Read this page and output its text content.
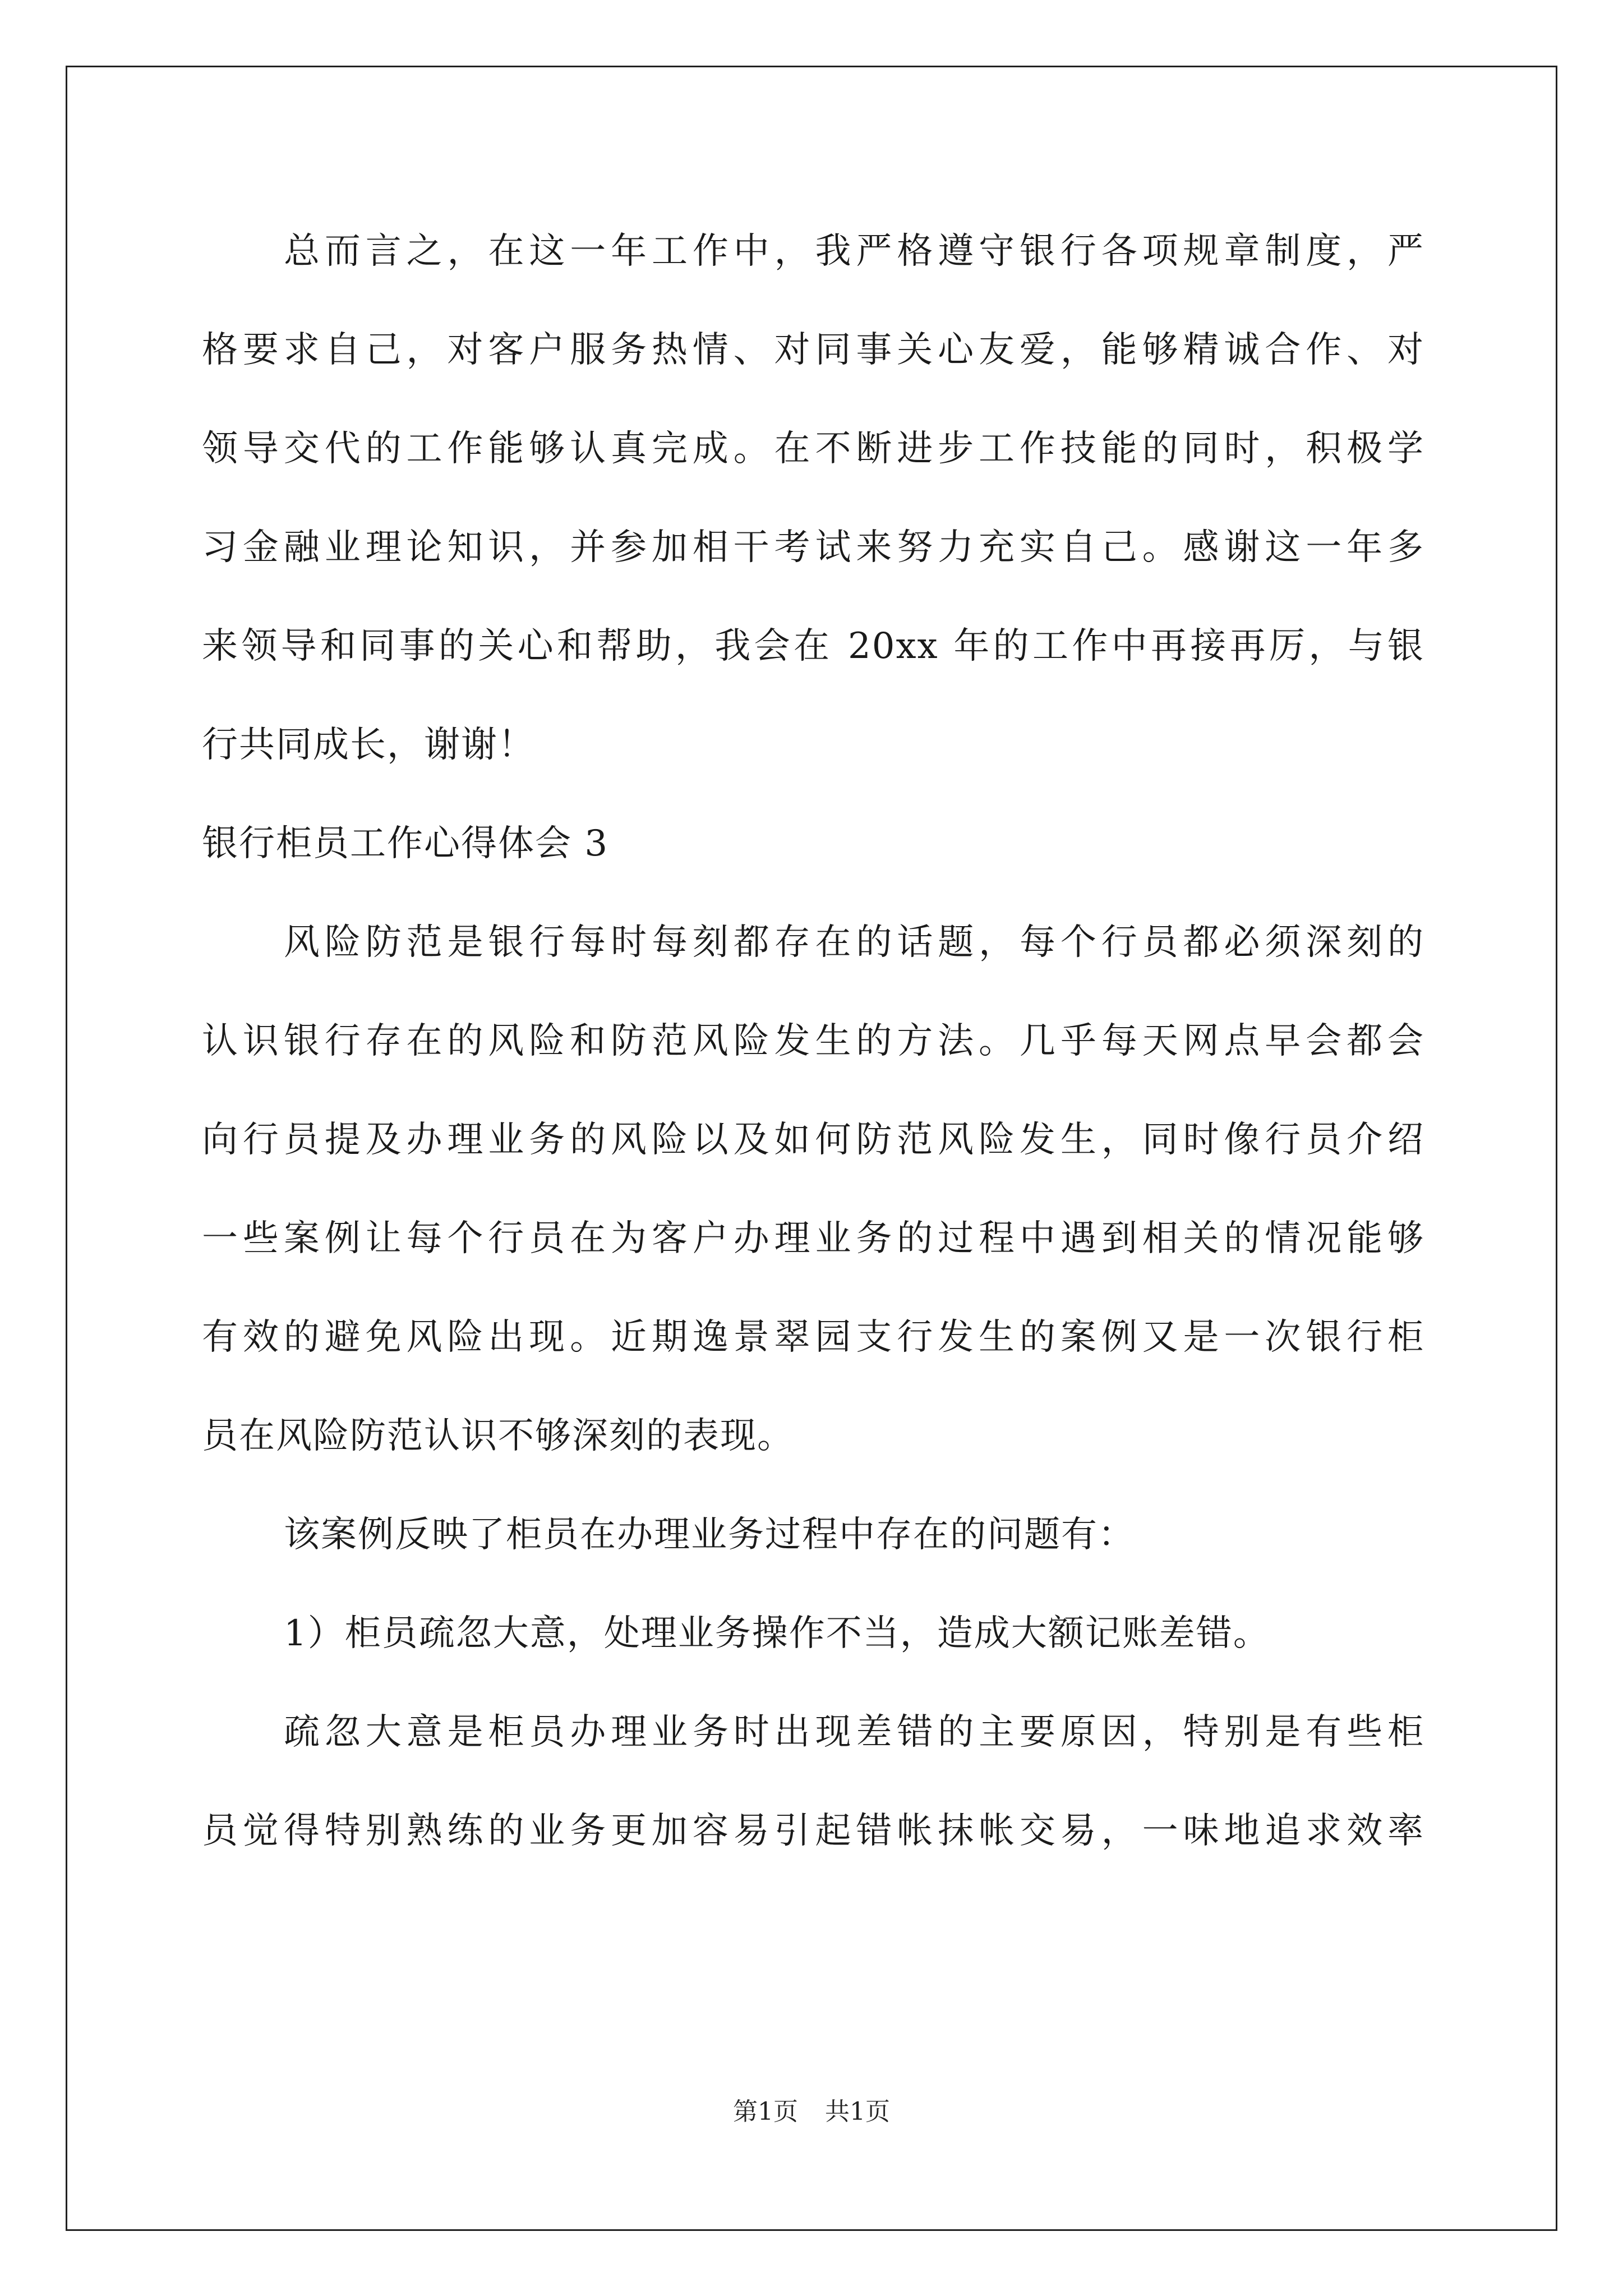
总而言之，在这一年工作中，我严格遵守银行各项规章制度，严
格要求自己，对客户服务热情、对同事关心友爱，能够精诚合作、对
领导交代的工作能够认真完成。在不断进步工作技能的同时，积极学
习金融业理论知识，并参加相干考试来努力充实自己。感谢这一年多
来领导和同事的关心和帮助，我会在 20xx 年的工作中再接再厉，与银
行共同成长，谢谢！
银行柜员工作心得体会 3
风险防范是银行每时每刻都存在的话题，每个行员都必须深刻的
认识银行存在的风险和防范风险发生的方法。几乎每天网点早会都会
向行员提及办理业务的风险以及如何防范风险发生，同时像行员介绍
一些案例让每个行员在为客户办理业务的过程中遇到相关的情况能够
有效的避免风险出现。近期逸景翠园支行发生的案例又是一次银行柜
员在风险防范认识不够深刻的表现。
该案例反映了柜员在办理业务过程中存在的问题有：
1）柜员疏忽大意，处理业务操作不当，造成大额记账差错。
疏忽大意是柜员办理业务时出现差错的主要原因，特别是有些柜
员觉得特别熟练的业务更加容易引起错帐抹帐交易，一味地追求效率
第1页 共1页
